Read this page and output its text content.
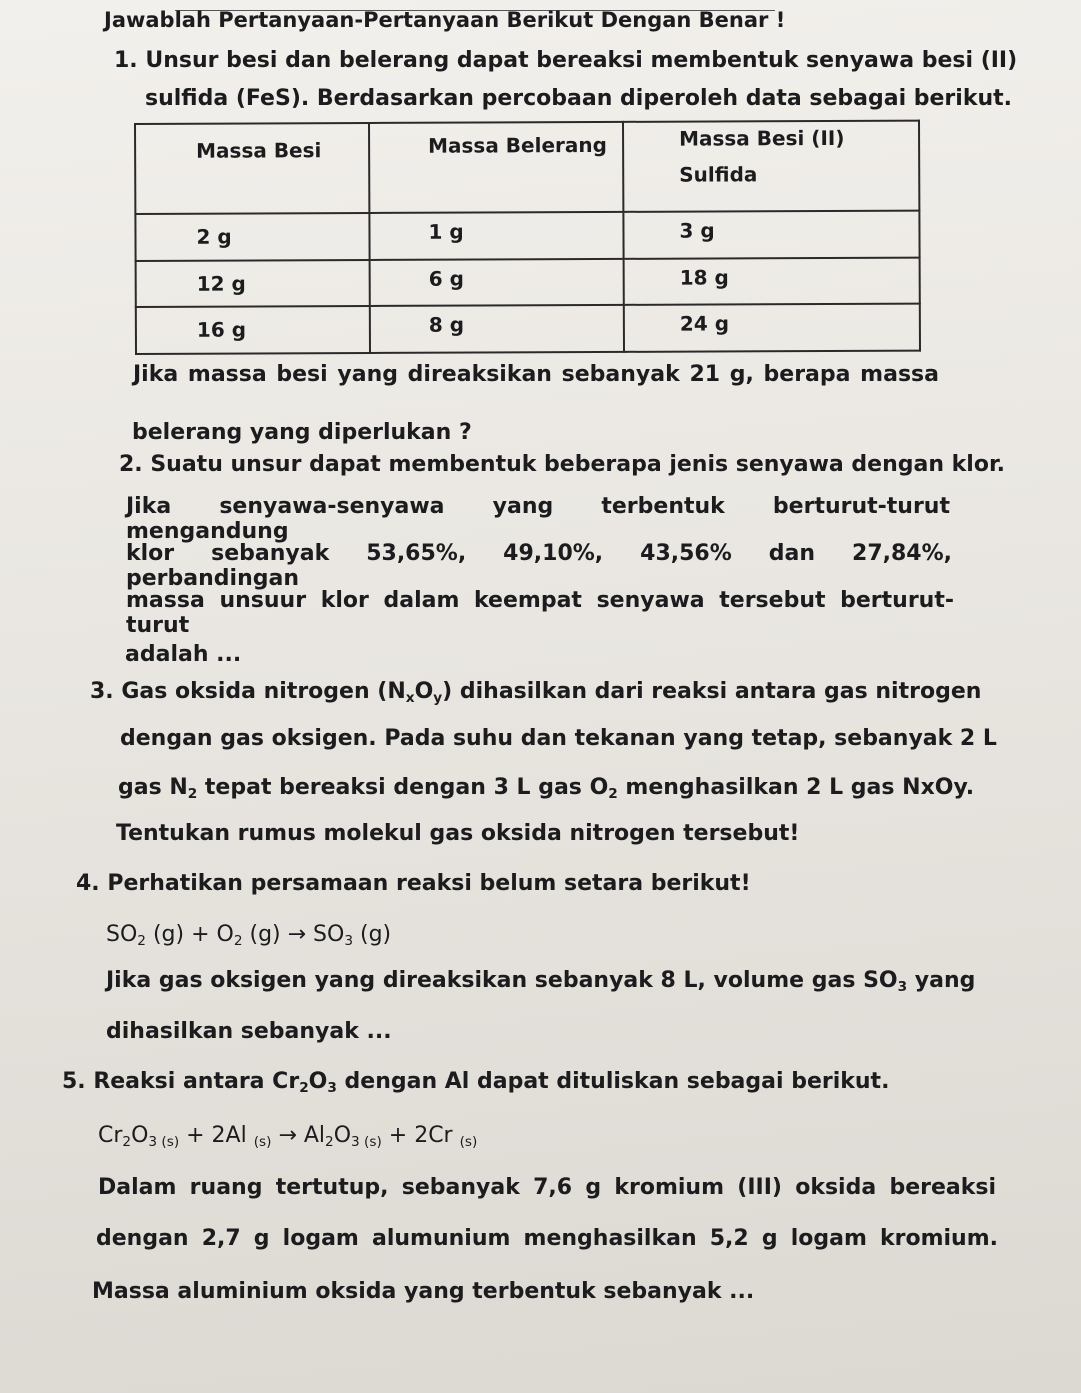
Jawablah Pertanyaan-Pertanyaan Berikut Dengan Benar !
1. Unsur besi dan belerang dapat bereaksi membentuk senyawa besi (II)
sulfida (FeS). Berdasarkan percobaan diperoleh data sebagai berikut.
Massa Besi	Massa Belerang	Massa Besi (II)
Sulfida

2 g	1 g	3 g
12 g	6 g	18 g
16 g	8 g	24 g
Jika massa besi yang direaksikan sebanyak 21 g, berapa massa
belerang yang diperlukan ?
2. Suatu unsur dapat membentuk beberapa jenis senyawa dengan klor.
Jika senyawa-senyawa yang terbentuk berturut-turut mengandung
klor sebanyak 53,65%, 49,10%, 43,56% dan 27,84%, perbandingan
massa unsuur klor dalam keempat senyawa tersebut berturut-turut
adalah ...
3. Gas oksida nitrogen $(N_xO_y)$ dihasilkan dari reaksi antara gas nitrogen
dengan gas oksigen. Pada suhu dan tekanan yang tetap, sebanyak 2 L
gas $N_2$ tepat bereaksi dengan 3 L gas $O_2$ menghasilkan 2 L gas NxOy.
Tentukan rumus molekul gas oksida nitrogen tersebut!
4. Perhatikan persamaan reaksi belum setara berikut!
$SO_2$ $(g) + O_2$ $(g) \to SO_3$ (g)
Jika gas oksigen yang direaksikan sebanyak 8 L, volume gas $SO_3$ yang
dihasilkan sebanyak ...
5. Reaksi antara $Cr_2O_3$ dengan Al dapat dituliskan sebagai berikut.
$Cr_2O_{3 (s)} + 2Al$ $_{(s)} \to Al_2O_{3 (s)} + 2Cr$ $_{(s)}$
Dalam ruang tertutup, sebanyak 7,6 g kromium (III) oksida bereaksi
dengan 2,7 g logam alumunium menghasilkan 5,2 g logam kromium.
Massa aluminium oksida yang terbentuk sebanyak ...
